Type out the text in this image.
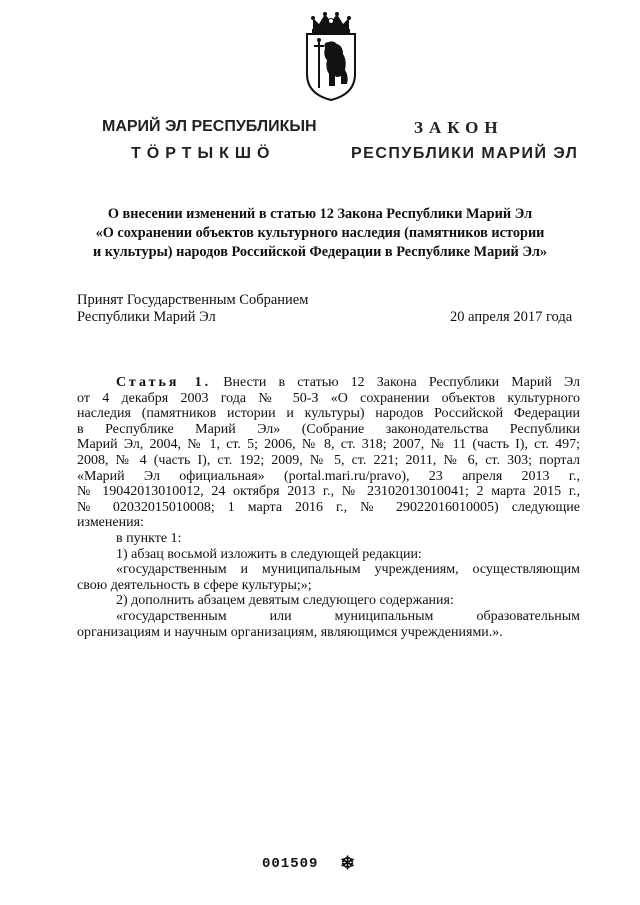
МАРИЙ ЭЛ РЕСПУБЛИКЫН
ТӦРТЫКШӦ
ЗАКОН
РЕСПУБЛИКИ МАРИЙ ЭЛ
О внесении изменений в статью 12 Закона Республики Марий Эл
«О сохранении объектов культурного наследия (памятников истории
и культуры) народов Российской Федерации в Республике Марий Эл»
Принят Государственным Собранием
Республики Марий Эл	20 апреля 2017 года
Статья 1. Внести в статью 12 Закона Республики Марий Эл
от 4 декабря 2003 года № 50-З «О сохранении объектов культурного
наследия (памятников истории и культуры) народов Российской Федерации
в Республике Марий Эл» (Собрание законодательства Республики
Марий Эл, 2004, № 1, ст. 5; 2006, № 8, ст. 318; 2007, № 11 (часть I), ст. 497;
2008, № 4 (часть I), ст. 192; 2009, № 5, ст. 221; 2011, № 6, ст. 303; портал
«Марий Эл официальная» (portal.mari.ru/pravo), 23 апреля 2013 г.,
№ 19042013010012, 24 октября 2013 г., № 23102013010041; 2 марта 2015 г.,
№ 02032015010008; 1 марта 2016 г., № 29022016010005) следующие
изменения:
в пункте 1:
1) абзац восьмой изложить в следующей редакции:
«государственным и муниципальным учреждениям, осуществляющим
свою деятельность в сфере культуры;»;
2) дополнить абзацем девятым следующего содержания:
«государственным или муниципальным образовательным
организациям и научным организациям, являющимся учреждениями.».
001509 ❄
